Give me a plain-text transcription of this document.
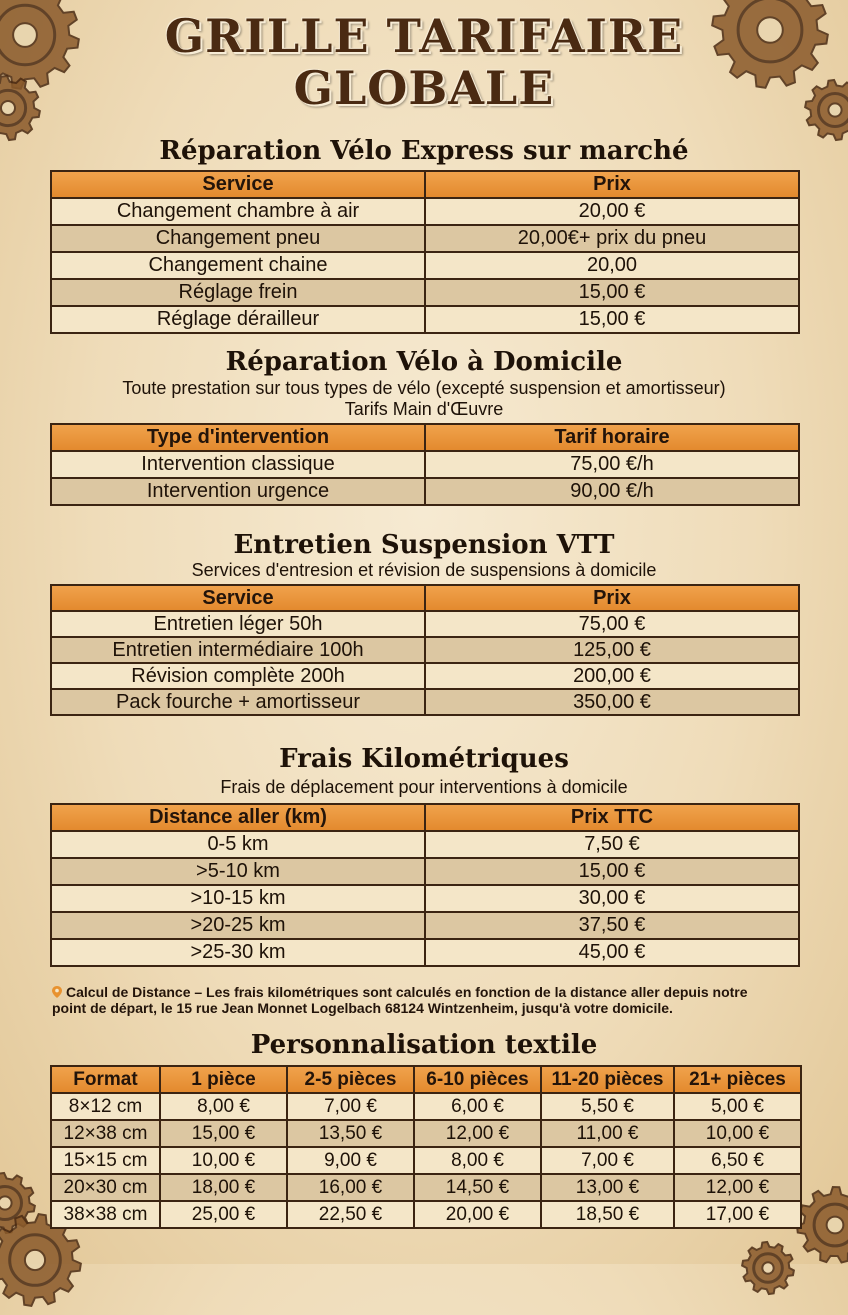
GRILLE TARIFAIRE
GLOBALE
Réparation Vélo Express sur marché
Service	Prix
Changement chambre à air	20,00 €
Changement pneu	20,00€+ prix du pneu
Changement chaine	20,00
Réglage frein	15,00 €
Réglage dérailleur	15,00 €
Réparation Vélo à Domicile
Toute prestation sur tous types de vélo (excepté suspension et amortisseur)
Tarifs Main d'Œuvre
Type d'intervention	Tarif horaire
Intervention classique	75,00 €/h
Intervention urgence	90,00 €/h
Entretien Suspension VTT
Services d'entresion et révision de suspensions à domicile
Service	Prix
Entretien léger 50h	75,00 €
Entretien intermédiaire 100h	125,00 €
Révision complète 200h	200,00 €
Pack fourche + amortisseur	350,00 €
Frais Kilométriques
Frais de déplacement pour interventions à domicile
Distance aller (km)	Prix TTC
0-5 km	7,50 €
>5-10 km	15,00 €
>10-15 km	30,00 €
>20-25 km	37,50 €
>25-30 km	45,00 €
Calcul de Distance – Les frais kilométriques sont calculés en fonction de la distance aller depuis notre
point de départ, le 15 rue Jean Monnet Logelbach 68124 Wintzenheim, jusqu'à votre domicile.
Personnalisation textile
Format	1 pièce	2-5 pièces	6-10 pièces	11-20 pièces	21+ pièces
8×12 cm	8,00 €	7,00 €	6,00 €	5,50 €	5,00 €
12×38 cm	15,00 €	13,50 €	12,00 €	11,00 €	10,00 €
15×15 cm	10,00 €	9,00 €	8,00 €	7,00 €	6,50 €
20×30 cm	18,00 €	16,00 €	14,50 €	13,00 €	12,00 €
38×38 cm	25,00 €	22,50 €	20,00 €	18,50 €	17,00 €
